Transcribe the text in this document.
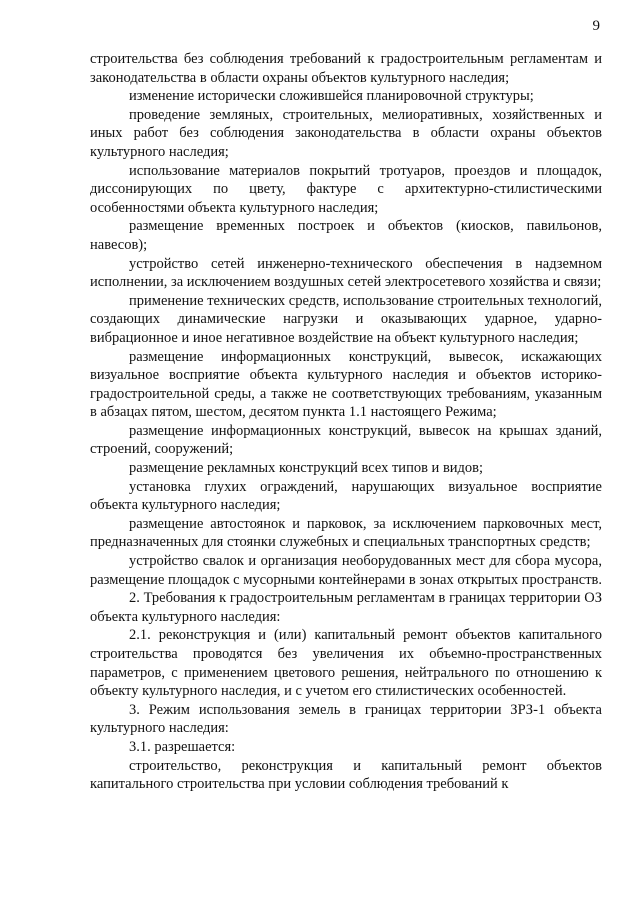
9

строительства без соблюдения требований к градостроительным регламентам и законодательства в области охраны объектов культурного наследия;

изменение исторически сложившейся планировочной структуры;

проведение земляных, строительных, мелиоративных, хозяйственных и иных работ без соблюдения законодательства в области охраны объектов культурного наследия;

использование материалов покрытий тротуаров, проездов и площадок, диссонирующих по цвету, фактуре с архитектурно-стилистическими особенностями объекта культурного наследия;

размещение временных построек и объектов (киосков, павильонов, навесов);

устройство сетей инженерно-технического обеспечения в надземном исполнении, за исключением воздушных сетей электросетевого хозяйства и связи;

применение технических средств, использование строительных технологий, создающих динамические нагрузки и оказывающих ударное, ударно-вибрационное и иное негативное воздействие на объект культурного наследия;

размещение информационных конструкций, вывесок, искажающих визуальное восприятие объекта культурного наследия и объектов историко-градостроительной среды, а также не соответствующих требованиям, указанным в абзацах пятом, шестом, десятом пункта 1.1 настоящего Режима;

размещение информационных конструкций, вывесок на крышах зданий, строений, сооружений;

размещение рекламных конструкций всех типов и видов;

установка глухих ограждений, нарушающих визуальное восприятие объекта культурного наследия;

размещение автостоянок и парковок, за исключением парковочных мест, предназначенных для стоянки служебных и специальных транспортных средств;

устройство свалок и организация необорудованных мест для сбора мусора, размещение площадок с мусорными контейнерами в зонах открытых пространств.

2. Требования к градостроительным регламентам в границах территории ОЗ объекта культурного наследия:

2.1. реконструкция и (или) капитальный ремонт объектов капитального строительства проводятся без увеличения их объемно-пространственных параметров, с применением цветового решения, нейтрального по отношению к объекту культурного наследия, и с учетом его стилистических особенностей.

3. Режим использования земель в границах территории ЗРЗ-1 объекта культурного наследия:

3.1. разрешается:

строительство, реконструкция и капитальный ремонт объектов капитального строительства при условии соблюдения требований к
